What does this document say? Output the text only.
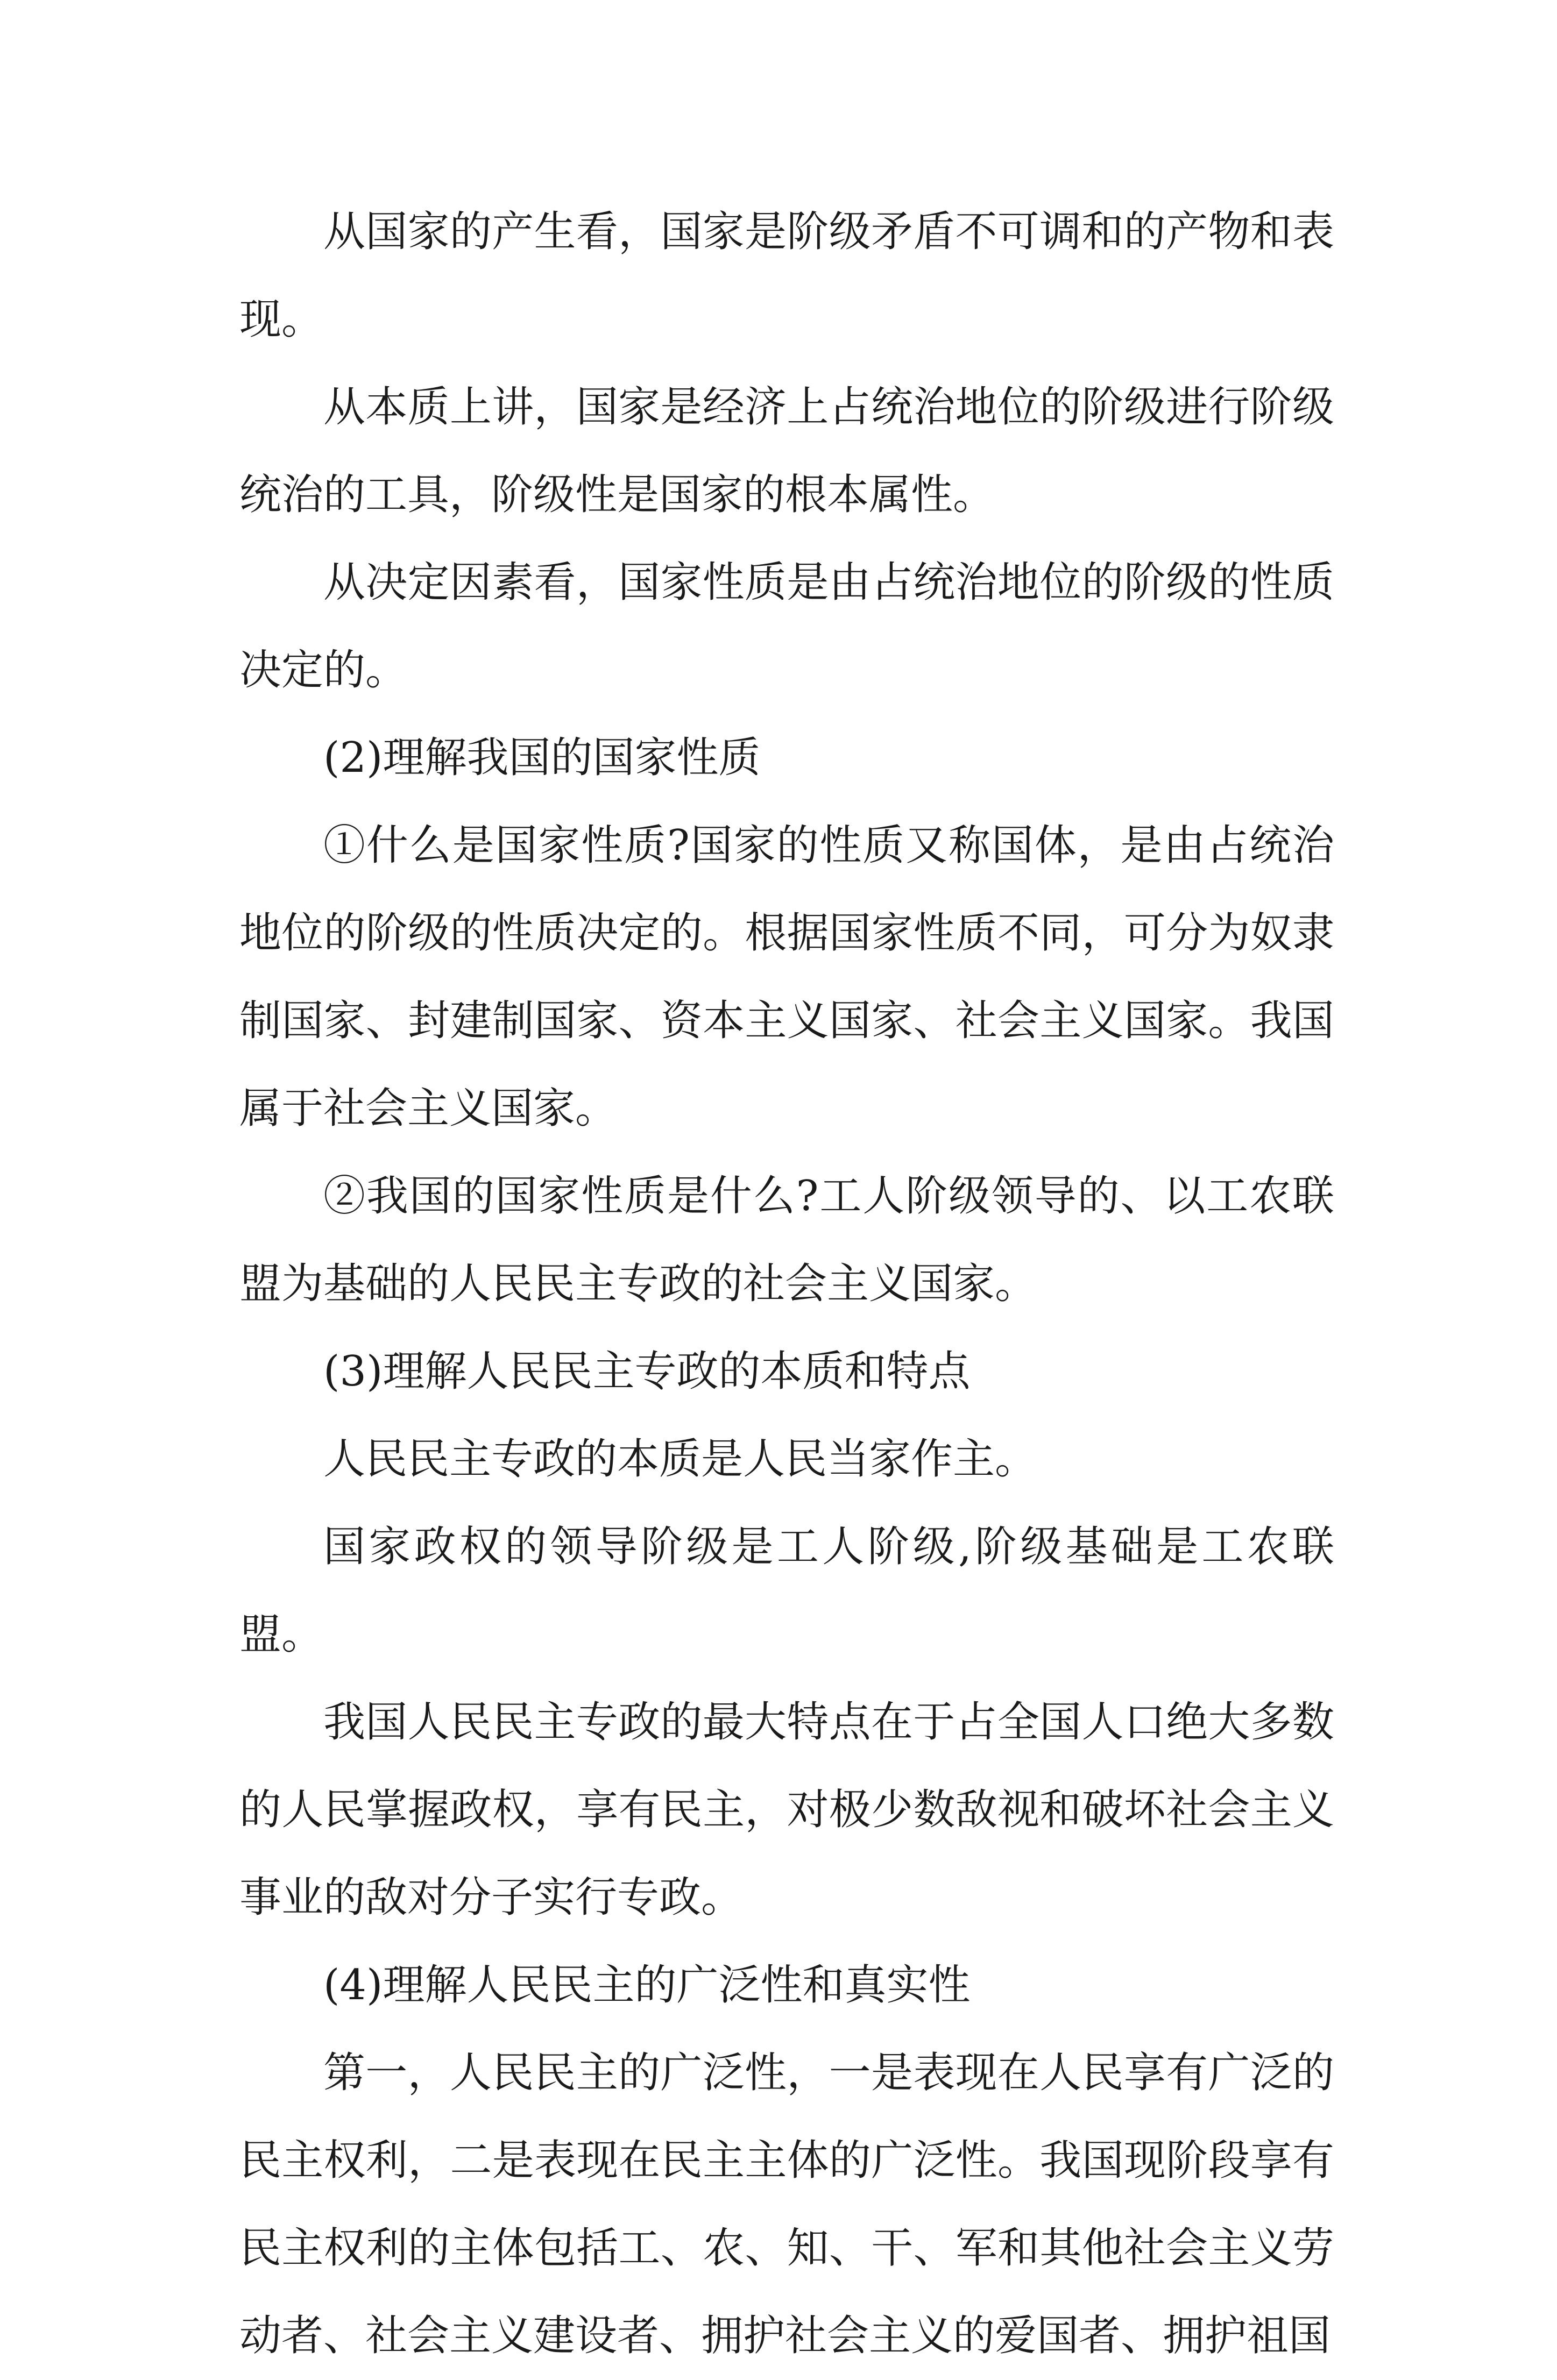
从国家的产生看，国家是阶级矛盾不可调和的产物和表现。

从本质上讲，国家是经济上占统治地位的阶级进行阶级统治的工具，阶级性是国家的根本属性。

从决定因素看，国家性质是由占统治地位的阶级的性质决定的。

(2)理解我国的国家性质

①什么是国家性质?国家的性质又称国体，是由占统治地位的阶级的性质决定的。根据国家性质不同，可分为奴隶制国家、封建制国家、资本主义国家、社会主义国家。我国属于社会主义国家。

②我国的国家性质是什么?工人阶级领导的、以工农联盟为基础的人民民主专政的社会主义国家。

(3)理解人民民主专政的本质和特点

人民民主专政的本质是人民当家作主。

国家政权的领导阶级是工人阶级,阶级基础是工农联盟。

我国人民民主专政的最大特点在于占全国人口绝大多数的人民掌握政权，享有民主，对极少数敌视和破坏社会主义事业的敌对分子实行专政。

(4)理解人民民主的广泛性和真实性

第一，人民民主的广泛性，一是表现在人民享有广泛的民主权利，二是表现在民主主体的广泛性。我国现阶段享有民主权利的主体包括工、农、知、干、军和其他社会主义劳动者、社会主义建设者、拥护社会主义的爱国者、拥护祖国
